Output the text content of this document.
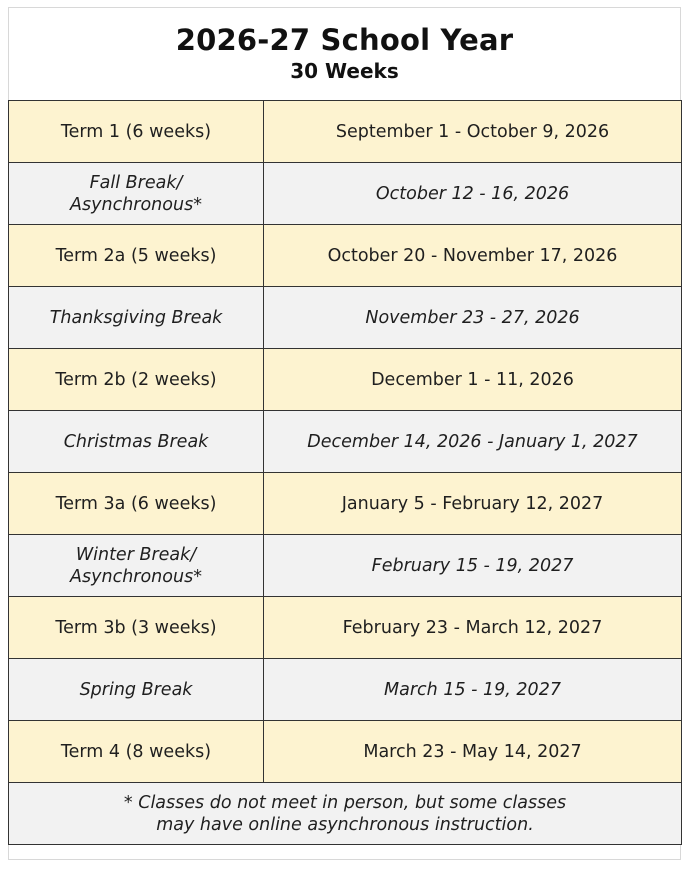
2026-27 School Year
30 Weeks
Term 1 (6 weeks)	September 1 - October 9, 2026

Fall Break/
Asynchronous*	October 12 - 16, 2026

Term 2a (5 weeks)	October 20 - November 17, 2026

Thanksgiving Break	November 23 - 27, 2026

Term 2b (2 weeks)	December 1 - 11, 2026

Christmas Break	December 14, 2026 - January 1, 2027

Term 3a (6 weeks)	January 5 - February 12, 2027

Winter Break/
Asynchronous*	February 15 - 19, 2027

Term 3b (3 weeks)	February 23 - March 12, 2027

Spring Break	March 15 - 19, 2027

Term 4 (8 weeks)	March 23 - May 14, 2027

* Classes do not meet in person, but some classes
may have online asynchronous instruction.	
